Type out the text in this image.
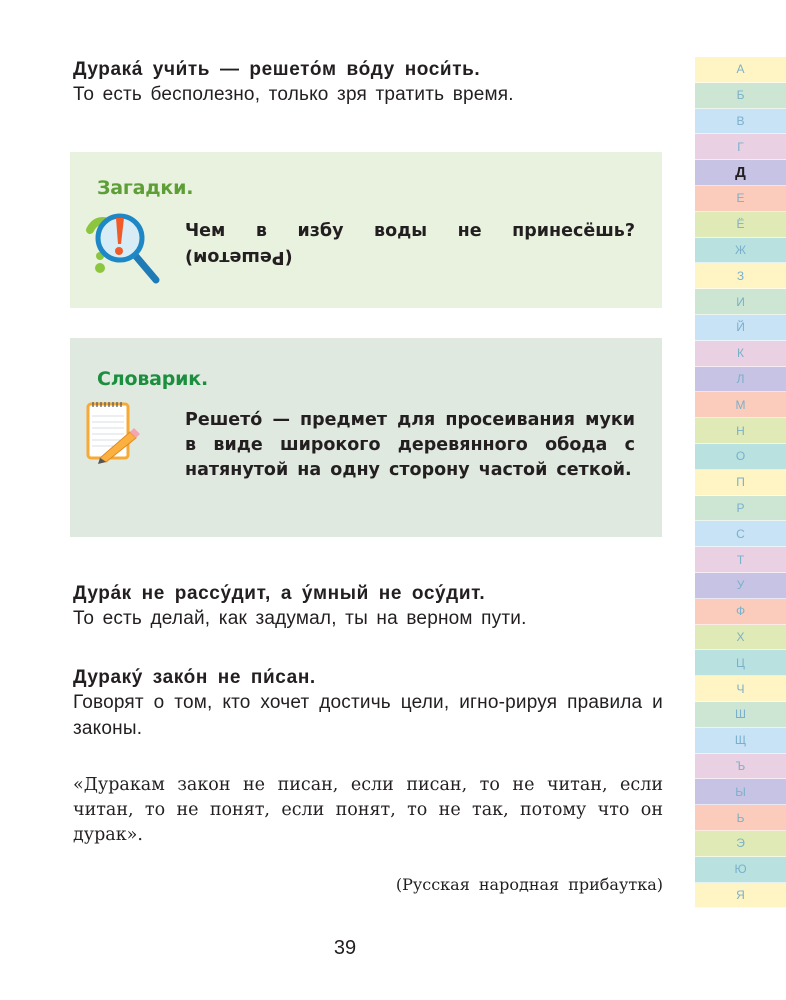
Дурака́ учи́ть — решето́м во́ду носи́ть.
То есть бесполезно, только зря тратить время.
Загадки.
Чем в избу воды не принесёшь?
(Решетом)
Словарик.
Решето́ — предмет для просеивания муки в виде широкого деревянного обода с натянутой на одну сторону частой сеткой.
Дура́к не рассу́дит, а у́мный не осу́дит.
То есть делай, как задумал, ты на верном пути.
Дураку́ зако́н не пи́сан.
Говорят о том, кто хочет достичь цели, игно-рируя правила и законы.
«Дуракам закон не писан, если писан, то не читан, если читан, то не понят, если понят, то не так, потому что он дурак».
(Русская народная прибаутка)
39
А
Б
В
Г
Д
Е
Ё
Ж
З
И
Й
К
Л
М
Н
О
П
Р
С
Т
У
Ф
Х
Ц
Ч
Ш
Щ
Ъ
Ы
Ь
Э
Ю
Я
